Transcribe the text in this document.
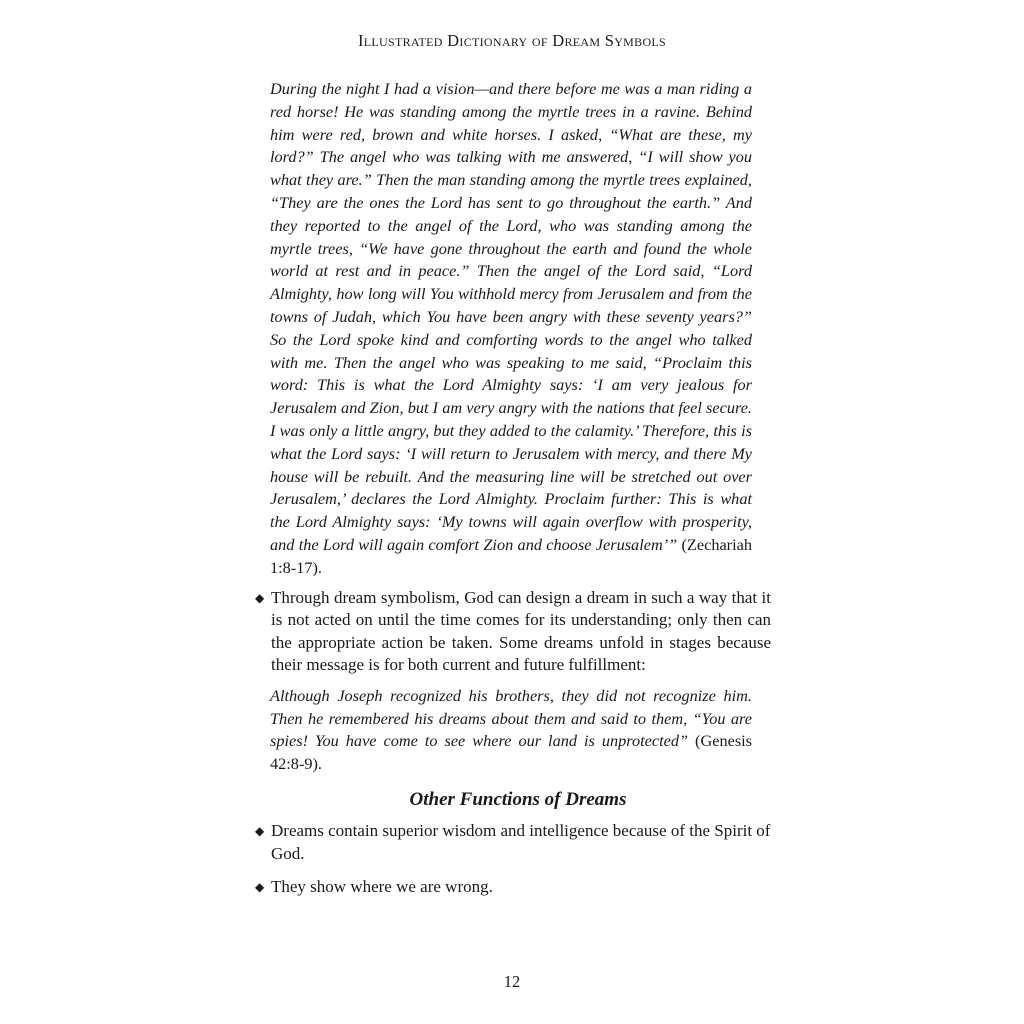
Illustrated Dictionary of Dream Symbols

During the night I had a vision—and there before me was a man riding a red horse! He was standing among the myrtle trees in a ravine. Behind him were red, brown and white horses. I asked, “What are these, my lord?” The angel who was talking with me answered, “I will show you what they are.” Then the man standing among the myrtle trees explained, “They are the ones the Lord has sent to go throughout the earth.” And they reported to the angel of the Lord, who was standing among the myrtle trees, “We have gone throughout the earth and found the whole world at rest and in peace.” Then the angel of the Lord said, “Lord Almighty, how long will You withhold mercy from Jerusalem and from the towns of Judah, which You have been angry with these seventy years?” So the Lord spoke kind and comforting words to the angel who talked with me. Then the angel who was speaking to me said, “Proclaim this word: This is what the Lord Almighty says: ‘I am very jealous for Jerusalem and Zion, but I am very angry with the nations that feel secure. I was only a little angry, but they added to the calamity.’ Therefore, this is what the Lord says: ‘I will return to Jerusalem with mercy, and there My house will be rebuilt. And the measuring line will be stretched out over Jerusalem,’ declares the Lord Almighty. Proclaim further: This is what the Lord Almighty says: ‘My towns will again overflow with prosperity, and the Lord will again comfort Zion and choose Jerusalem’” (Zechariah 1:8-17).

◆ Through dream symbolism, God can design a dream in such a way that it is not acted on until the time comes for its understanding; only then can the appropriate action be taken. Some dreams unfold in stages because their message is for both current and future fulfillment:

Although Joseph recognized his brothers, they did not recognize him. Then he remembered his dreams about them and said to them, “You are spies! You have come to see where our land is unprotected” (Genesis 42:8-9).

Other Functions of Dreams
◆ Dreams contain superior wisdom and intelligence because of the Spirit of God.
◆ They show where we are wrong.
12
